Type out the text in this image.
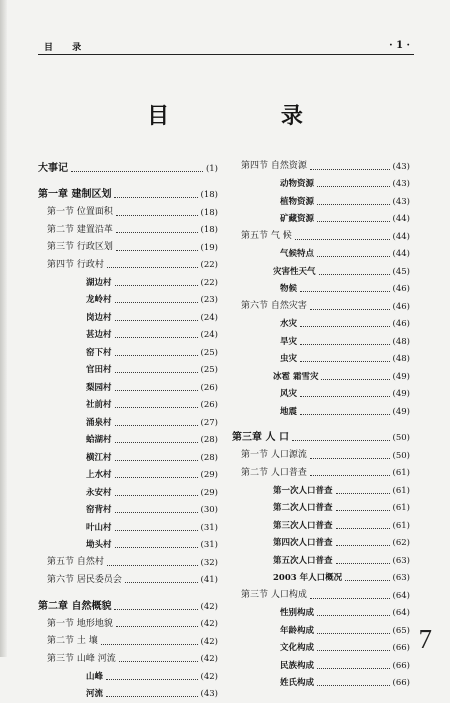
目 录	· 1 ·
目 录
大事记	(1)
第一章 建制区划	(18)
第一节 位置面积	(18)
第二节 建置沿革	(18)
第三节 行政区划	(19)
第四节 行政村	(22)
湖边村	(22)
龙岭村	(23)
岗边村	(24)
甚边村	(24)
窑下村	(25)
官田村	(25)
梨园村	(26)
社前村	(26)
涌泉村	(27)
蛤湖村	(28)
横江村	(28)
上水村	(29)
永安村	(29)
窑背村	(30)
叶山村	(31)
坳头村	(31)
第五节 自然村	(32)
第六节 居民委员会	(41)
第二章 自然概貌	(42)
第一节 地形地貌	(42)
第二节 土 壤	(42)
第三节 山峰 河流	(42)
山峰	(42)
河流	(43)
第四节 自然资源	(43)
动物资源	(43)
植物资源	(43)
矿藏资源	(44)
第五节 气 候	(44)
气候特点	(44)
灾害性天气	(45)
物候	(46)
第六节 自然灾害	(46)
水灾	(46)
旱灾	(48)
虫灾	(48)
冰雹 霜雪灾	(49)
风灾	(49)
地震	(49)
第三章 人 口	(50)
第一节 人口源流	(50)
第二节 人口普查	(61)
第一次人口普查	(61)
第二次人口普查	(61)
第三次人口普查	(61)
第四次人口普查	(62)
第五次人口普查	(63)
2003 年人口概况	(63)
第三节 人口构成	(64)
性别构成	(64)
年龄构成	(65)
文化构成	(66)
民族构成	(66)
姓氏构成	(66)
7
